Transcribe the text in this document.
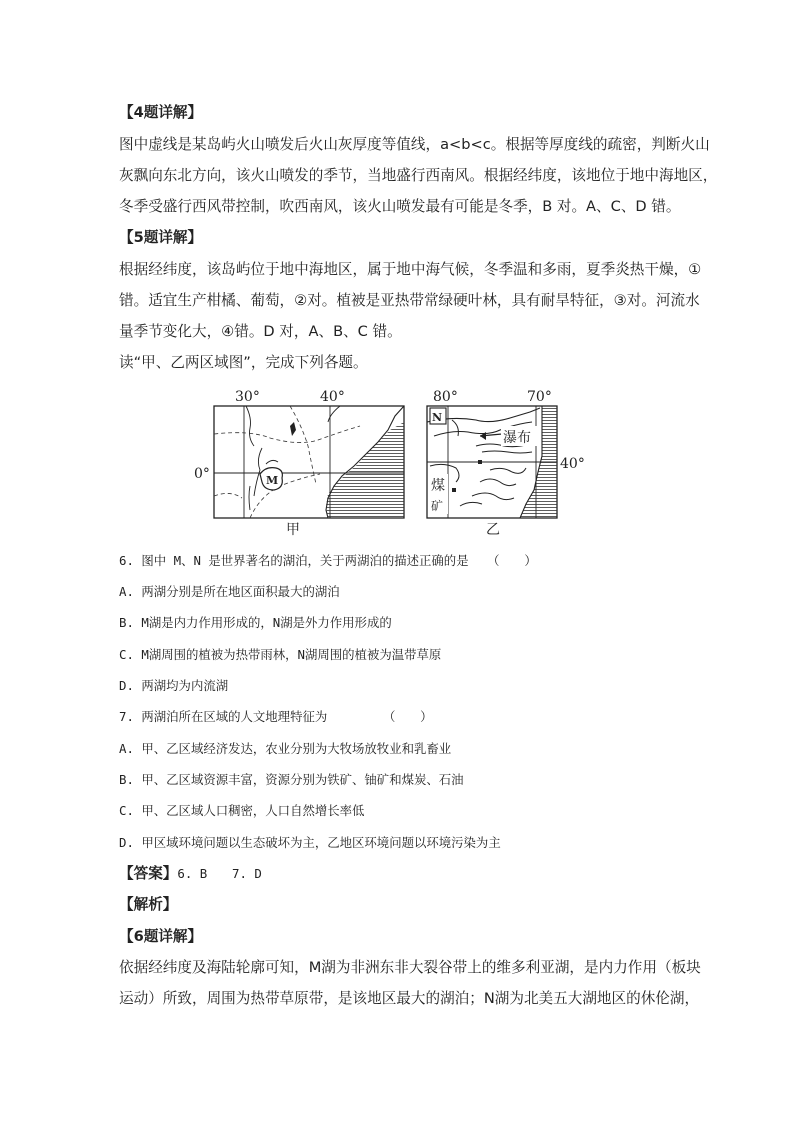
【4题详解】
图中虚线是某岛屿火山喷发后火山灰厚度等值线，a<b<c。根据等厚度线的疏密，判断火山
灰飘向东北方向，该火山喷发的季节，当地盛行西南风。根据经纬度，该地位于地中海地区，
冬季受盛行西风带控制，吹西南风，该火山喷发最有可能是冬季，B 对。A、C、D 错。
【5题详解】
根据经纬度，该岛屿位于地中海地区，属于地中海气候，冬季温和多雨，夏季炎热干燥，①
错。适宜生产柑橘、葡萄，②对。植被是亚热带常绿硬叶林，具有耐旱特征，③对。河流水
量季节变化大，④错。D 对，A、B、C 错。
读“甲、乙两区域图”，完成下列各题。
M
30°	40°
0°
甲
N
瀑布
煤
矿
80°	70°
40°
乙
6. 图中 M、N 是世界著名的湖泊，关于两湖泊的描述正确的是　　（　　）
A. 两湖分别是所在地区面积最大的湖泊
B. M湖是内力作用形成的，N湖是外力作用形成的
C. M湖周围的植被为热带雨林，N湖周围的植被为温带草原
D. 两湖均为内流湖
7. 两湖泊所在区域的人文地理特征为　　　　　（　　）
A. 甲、乙区域经济发达，农业分别为大牧场放牧业和乳畜业
B. 甲、乙区域资源丰富，资源分别为铁矿、铀矿和煤炭、石油
C. 甲、乙区域人口稠密，人口自然增长率低
D. 甲区域环境问题以生态破坏为主，乙地区环境问题以环境污染为主
【答案】6. B　　7. D
【解析】
【6题详解】
依据经纬度及海陆轮廓可知，M湖为非洲东非大裂谷带上的维多利亚湖，是内力作用（板块
运动）所致，周围为热带草原带，是该地区最大的湖泊；N湖为北美五大湖地区的休伦湖，
